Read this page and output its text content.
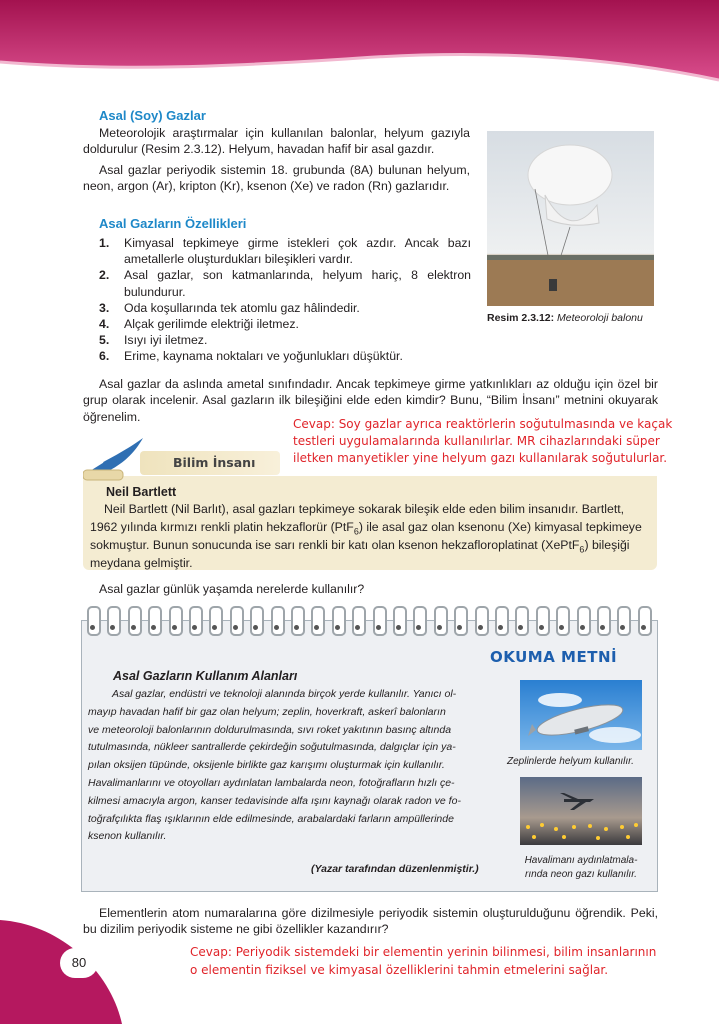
80
Asal (Soy) Gazlar
Meteorolojik araştırmalar için kullanılan balonlar, helyum gazıyla doldurulur (Resim 2.3.12). Helyum, havadan hafif bir asal gazdır.
Asal gazlar periyodik sistemin 18. grubunda (8A) bulunan helyum, neon, argon (Ar), kripton (Kr), ksenon (Xe) ve radon (Rn) gazlarıdır.
Resim 2.3.12: Meteoroloji balonu
Asal Gazların Özellikleri
1. Kimyasal tepkimeye girme istekleri çok azdır. Ancak bazı ametallerle oluşturdukları bileşikleri vardır.
2. Asal gazlar, son katmanlarında, helyum hariç, 8 elektron bulundurur.
3. Oda koşullarında tek atomlu gaz hâlindedir.
4. Alçak gerilimde elektriği iletmez.
5. Isıyı iyi iletmez.
6. Erime, kaynama noktaları ve yoğunlukları düşüktür.
Asal gazlar da aslında ametal sınıfındadır. Ancak tepkimeye girme yatkınlıkları az olduğu için özel bir grup olarak incelenir. Asal gazların ilk bileşiğini elde eden kimdir? Bunu, “Bilim İnsanı” metnini okuyarak öğrenelim.
Cevap: Soy gazlar ayrıca reaktörlerin soğutulmasında ve kaçak testleri uygulamalarında kullanılırlar. MR cihazlarındaki süper iletken manyetikler yine helyum gazı kullanılarak soğutulurlar.
Bilim İnsanı
Neil Bartlett
Neil Bartlett (Nil Barlıt), asal gazları tepkimeye sokarak bileşik elde eden bilim insanıdır. Bartlett,
1962 yılında kırmızı renkli platin hekzaflorür (PtF$_6$) ile asal gaz olan ksenonu (Xe) kimyasal tepkimeye
sokmuştur. Bunun sonucunda ise sarı renkli bir katı olan ksenon hekzafloroplatinat (XePtF$_6$) bileşiği
meydana gelmiştir.
Asal gazlar günlük yaşamda nerelerde kullanılır?
OKUMA METNİ
Asal Gazların Kullanım Alanları
Asal gazlar, endüstri ve teknoloji alanında birçok yerde kullanılır. Yanıcı ol-
mayıp havadan hafif bir gaz olan helyum; zeplin, hoverkraft, askerî balonların
ve meteoroloji balonlarının doldurulmasında, sıvı roket yakıtının basınç altında
tutulmasında, nükleer santrallerde çekirdeğin soğutulmasında, dalgıçlar için ya-
pılan oksijen tüpünde, oksijenle birlikte gaz karışımı oluşturmak için kullanılır.
Havalimanlarını ve otoyolları aydınlatan lambalarda neon, fotoğrafların hızlı çe-
kilmesi amacıyla argon, kanser tedavisinde alfa ışını kaynağı olarak radon ve fo-
toğrafçılıkta flaş ışıklarının elde edilmesinde, arabalardaki farların ampüllerinde
ksenon kullanılır.
(Yazar tarafından düzenlenmiştir.)
Zeplinlerde helyum kullanılır.
Havalimanı aydınlatmala-
rında neon gazı kullanılır.
Elementlerin atom numaralarına göre dizilmesiyle periyodik sistemin oluşturulduğunu öğrendik. Peki, bu dizilim periyodik sisteme ne gibi özellikler kazandırır?
Cevap: Periyodik sistemdeki bir elementin yerinin bilinmesi, bilim insanlarının
o elementin fiziksel ve kimyasal özelliklerini tahmin etmelerini sağlar.
